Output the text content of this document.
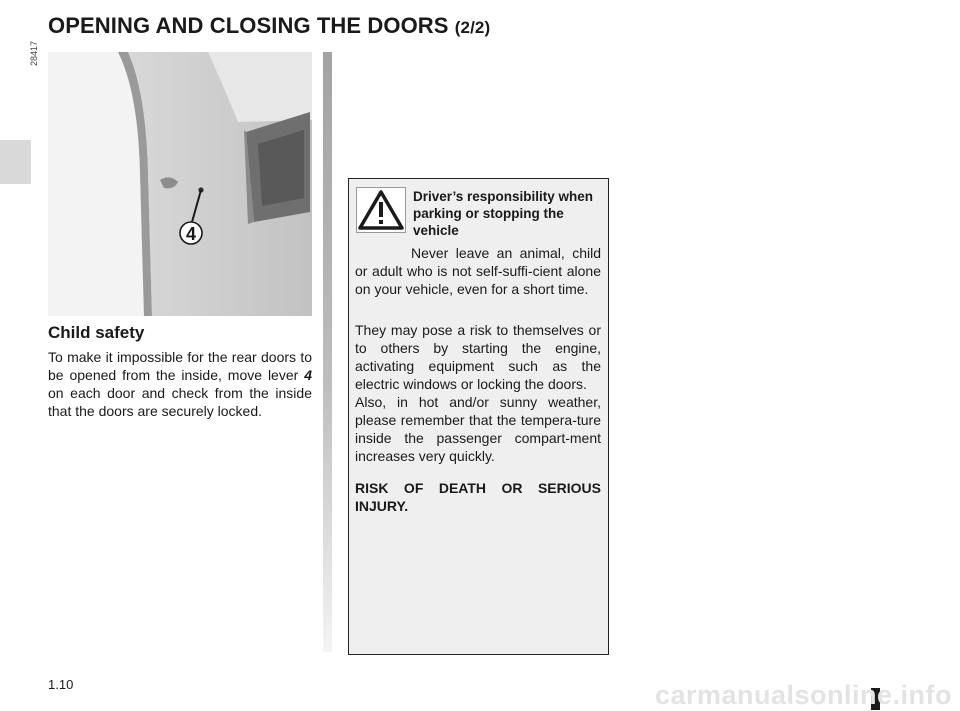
OPENING AND CLOSING THE DOORS (2/2)
28417
4
Child safety

To make it impossible for the rear doors to be opened from the inside, move lever 4 on each door and check from the inside that the doors are securely locked.

Driver’s responsibility when parking or stopping the vehicle

Never leave an animal, child or adult who is not self-suffi-cient alone on your vehicle, even for a short time.

They may pose a risk to themselves or to others by starting the engine, activating equipment such as the electric windows or locking the doors.
Also, in hot and/or sunny weather, please remember that the tempera-ture inside the passenger compart-ment increases very quickly.

RISK OF DEATH OR SERIOUS INJURY.

1.10	carmanualsonline.info
